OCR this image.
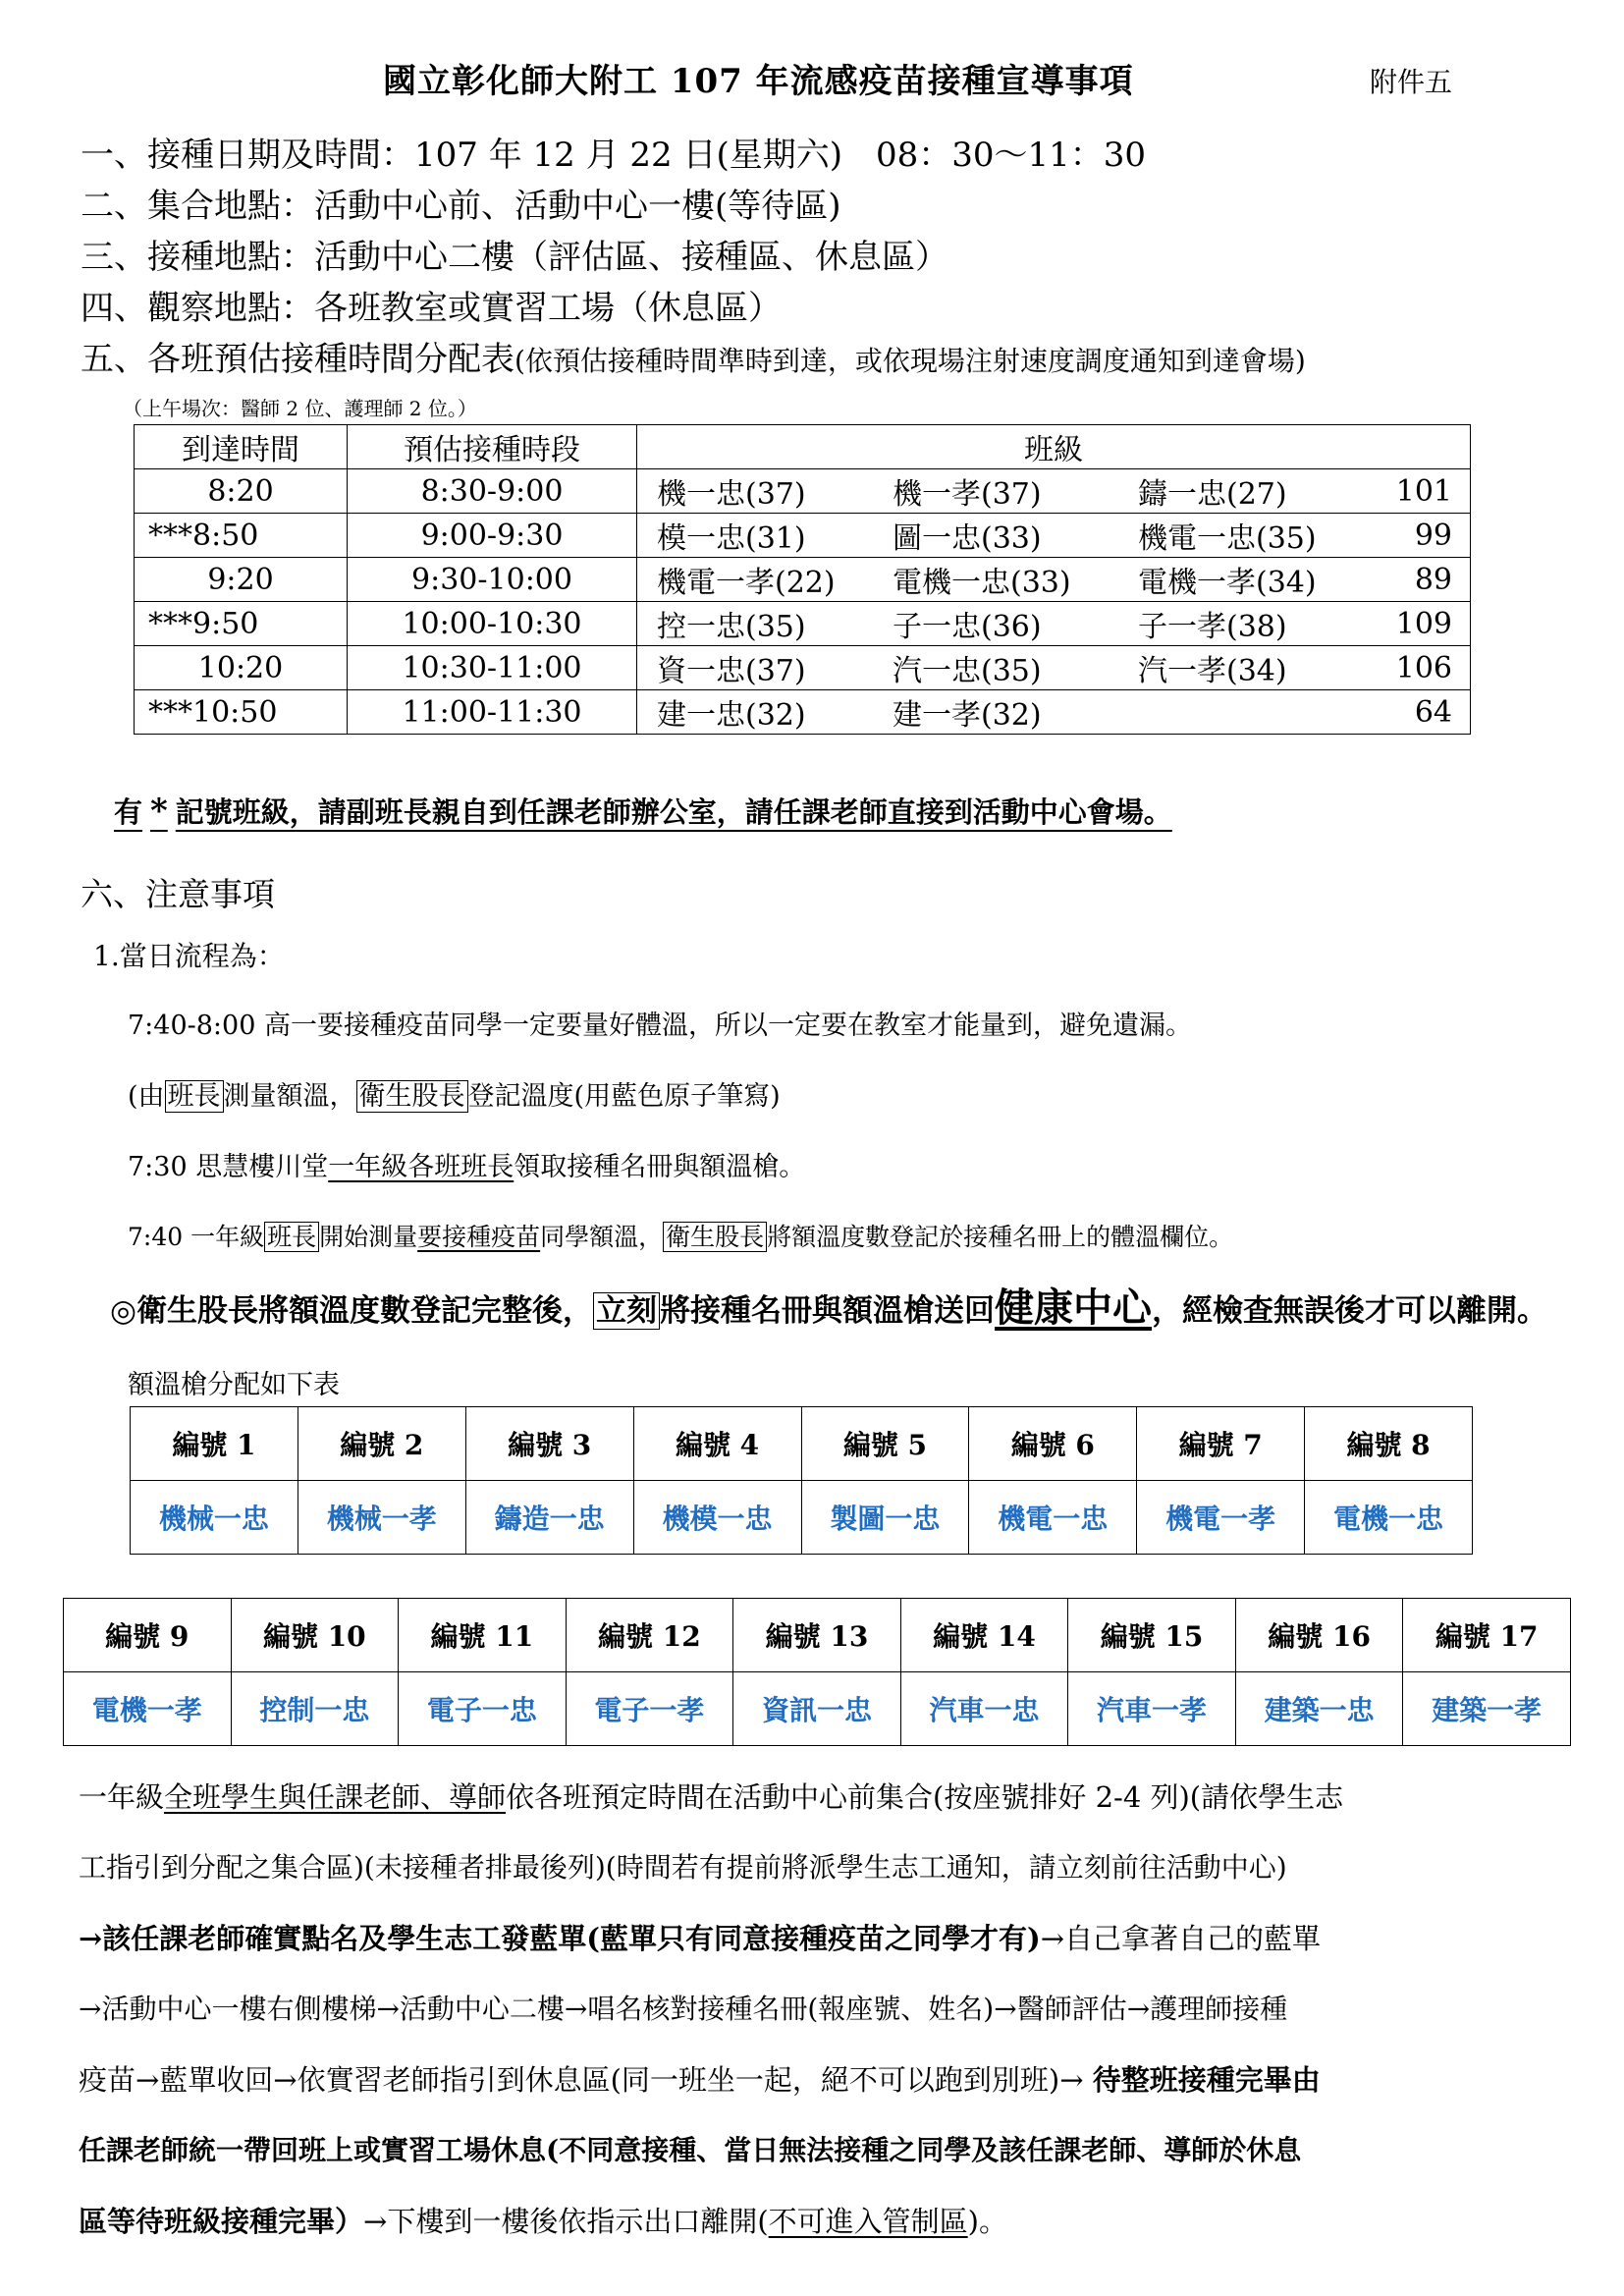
國立彰化師大附工 107 年流感疫苗接種宣導事項	附件五
一、接種日期及時間：107 年 12 月 22 日(星期六)　08：30～11：30
二、集合地點：活動中心前、活動中心一樓(等待區)
三、接種地點：活動中心二樓（評估區、接種區、休息區）
四、觀察地點：各班教室或實習工場（休息區）
五、各班預估接種時間分配表(依預估接種時間準時到達，或依現場注射速度調度通知到達會場)
（上午場次：醫師 2 位、護理師 2 位。）
到達時間	預估接種時段	班級
8:20	8:30-9:00	機一忠(37) 機一孝(37) 鑄一忠(27) 101

***8:50	9:00-9:30	模一忠(31) 圖一忠(33) 機電一忠(35) 99

9:20	9:30-10:00	機電一孝(22) 電機一忠(33) 電機一孝(34) 89

***9:50	10:00-10:30	控一忠(35) 子一忠(36) 子一孝(38) 109

10:20	10:30-11:00	資一忠(37) 汽一忠(35) 汽一孝(34) 106

***10:50	11:00-11:30	建一忠(32) 建一孝(32) 64
有 * 記號班級，請副班長親自到任課老師辦公室，請任課老師直接到活動中心會場。
六、注意事項
1.當日流程為：
7:40-8:00 高一要接種疫苗同學一定要量好體溫，所以一定要在教室才能量到，避免遺漏。
(由 班長 測量額溫， 衛生股長 登記溫度(用藍色原子筆寫)
7:30 思慧樓川堂一年級各班班長領取接種名冊與額溫槍。
7:40 一年級 班長 開始測量要接種疫苗同學額溫， 衛生股長 將額溫度數登記於接種名冊上的體溫欄位。
◎衛生股長將額溫度數登記完整後，立刻將接種名冊與額溫槍送回健康中心，經檢查無誤後才可以離開。
額溫槍分配如下表
編號 1	編號 2	編號 3	編號 4	編號 5	編號 6	編號 7	編號 8
機械一忠	機械一孝	鑄造一忠	機模一忠	製圖一忠	機電一忠	機電一孝	電機一忠
編號 9	編號 10	編號 11	編號 12	編號 13	編號 14	編號 15	編號 16	編號 17
電機一孝	控制一忠	電子一忠	電子一孝	資訊一忠	汽車一忠	汽車一孝	建築一忠	建築一孝
一年級全班學生與任課老師、導師依各班預定時間在活動中心前集合(按座號排好 2-4 列)(請依學生志
工指引到分配之集合區)(未接種者排最後列)(時間若有提前將派學生志工通知，請立刻前往活動中心)
→該任課老師確實點名及學生志工發藍單(藍單只有同意接種疫苗之同學才有)→自己拿著自己的藍單
→活動中心一樓右側樓梯→活動中心二樓→唱名核對接種名冊(報座號、姓名)→醫師評估→護理師接種
疫苗→藍單收回→依實習老師指引到休息區(同一班坐一起，絕不可以跑到別班)→ 待整班接種完畢由
任課老師統一帶回班上或實習工場休息(不同意接種、當日無法接種之同學及該任課老師、導師於休息
區等待班級接種完畢）→下樓到一樓後依指示出口離開(不可進入管制區)。
